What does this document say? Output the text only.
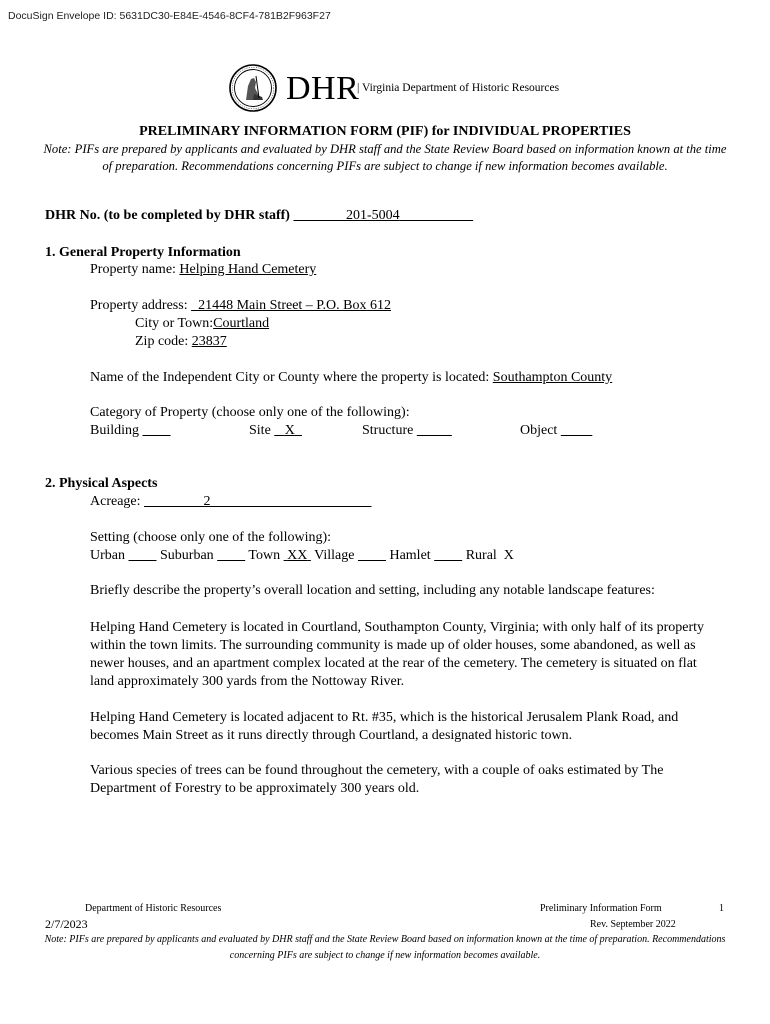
DocuSign Envelope ID: 5631DC30-E84E-4546-8CF4-781B2F963F27
DHR
| Virginia Department of Historic Resources
PRELIMINARY INFORMATION FORM (PIF) for INDIVIDUAL PROPERTIES
Note: PIFs are prepared by applicants and evaluated by DHR staff and the State Review Board based on information known at the time of preparation. Recommendations concerning PIFs are subject to change if new information becomes available.
DHR No. (to be completed by DHR staff)	201-5004
1. General Property Information
Property name: Helping Hand Cemetery
Property address: 21448 Main Street – P.O. Box 612
City or Town:Courtland
Zip code: 23837
Name of the Independent City or County where the property is located: Southampton County
Category of Property (choose only one of the following):
Building	Site X	Structure	Object
2. Physical Aspects
Acreage:	2
Setting (choose only one of the following):
Urban	Suburban Town XX Village	Hamlet	Rural X
Briefly describe the property’s overall location and setting, including any notable landscape features:
Helping Hand Cemetery is located in Courtland, Southampton County, Virginia; with only half of its property within the town limits. The surrounding community is made up of older houses, some abandoned, as well as newer houses, and an apartment complex located at the rear of the cemetery. The cemetery is situated on flat land approximately 300 yards from the Nottoway River.
Helping Hand Cemetery is located adjacent to Rt. #35, which is the historical Jerusalem Plank Road, and becomes Main Street as it runs directly through Courtland, a designated historic town.
Various species of trees can be found throughout the cemetery, with a couple of oaks estimated by The Department of Forestry to be approximately 300 years old.
Department of Historic Resources	Preliminary Information Form	1
2/7/2023	Rev. September 2022
Note: PIFs are prepared by applicants and evaluated by DHR staff and the State Review Board based on information known at the time of preparation. Recommendations concerning PIFs are subject to change if new information becomes available.
